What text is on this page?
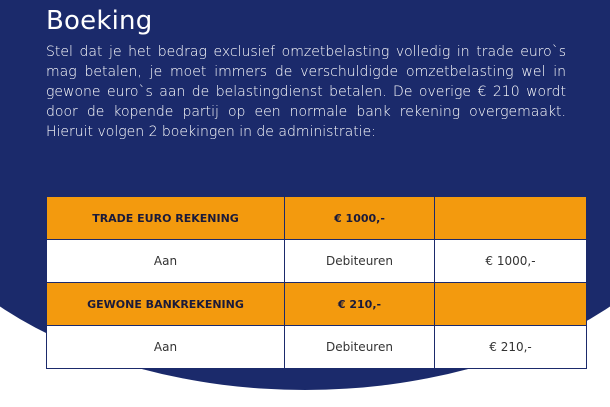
Boeking
Stel dat je het bedrag exclusief omzetbelasting volledig in trade euro`s mag betalen, je moet immers de verschuldigde omzetbelasting wel in gewone euro`s aan de belastingdienst betalen. De overige € 210 wordt door de kopende partij op een normale bank rekening overgemaakt. Hieruit volgen 2 boekingen in de administratie:
TRADE EURO REKENING	€ 1000,-	
Aan	Debiteuren	€ 1000,-
GEWONE BANKREKENING	€ 210,-	
Aan	Debiteuren	€ 210,-
